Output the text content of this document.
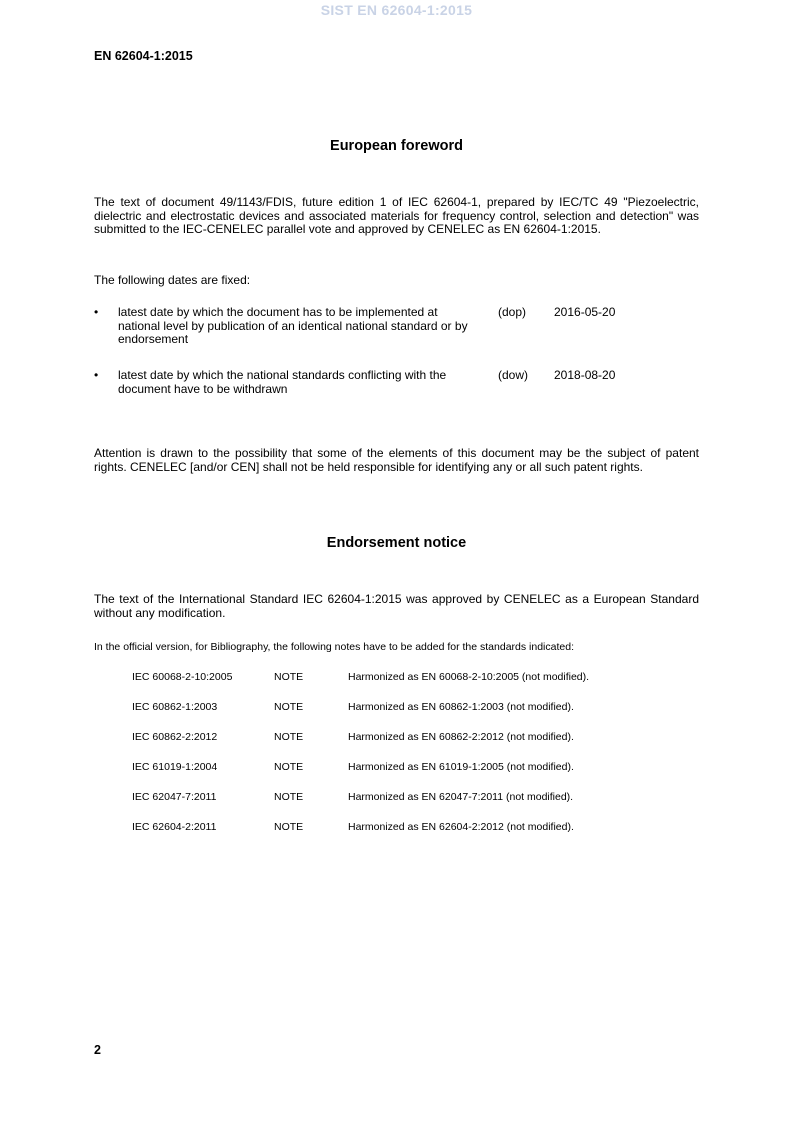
SIST EN 62604-1:2015
EN 62604-1:2015
European foreword
The text of document 49/1143/FDIS, future edition 1 of IEC 62604-1, prepared by IEC/TC 49 "Piezoelectric, dielectric and electrostatic devices and associated materials for frequency control, selection and detection" was submitted to the IEC-CENELEC parallel vote and approved by CENELEC as EN 62604-1:2015.
The following dates are fixed:
• latest date by which the document has to be implemented at national level by publication of an identical national standard or by endorsement
(dop) 2016-05-20
• latest date by which the national standards conflicting with the document have to be withdrawn
(dow) 2018-08-20
Attention is drawn to the possibility that some of the elements of this document may be the subject of patent rights. CENELEC [and/or CEN] shall not be held responsible for identifying any or all such patent rights.
Endorsement notice
The text of the International Standard IEC 62604-1:2015 was approved by CENELEC as a European Standard without any modification.
In the official version, for Bibliography, the following notes have to be added for the standards indicated:
IEC 60068-2-10:2005	NOTE	Harmonized as EN 60068-2-10:2005 (not modified).
IEC 60862-1:2003	NOTE	Harmonized as EN 60862-1:2003 (not modified).
IEC 60862-2:2012	NOTE	Harmonized as EN 60862-2:2012 (not modified).
IEC 61019-1:2004	NOTE	Harmonized as EN 61019-1:2005 (not modified).
IEC 62047-7:2011	NOTE	Harmonized as EN 62047-7:2011 (not modified).
IEC 62604-2:2011	NOTE	Harmonized as EN 62604-2:2012 (not modified).
2
